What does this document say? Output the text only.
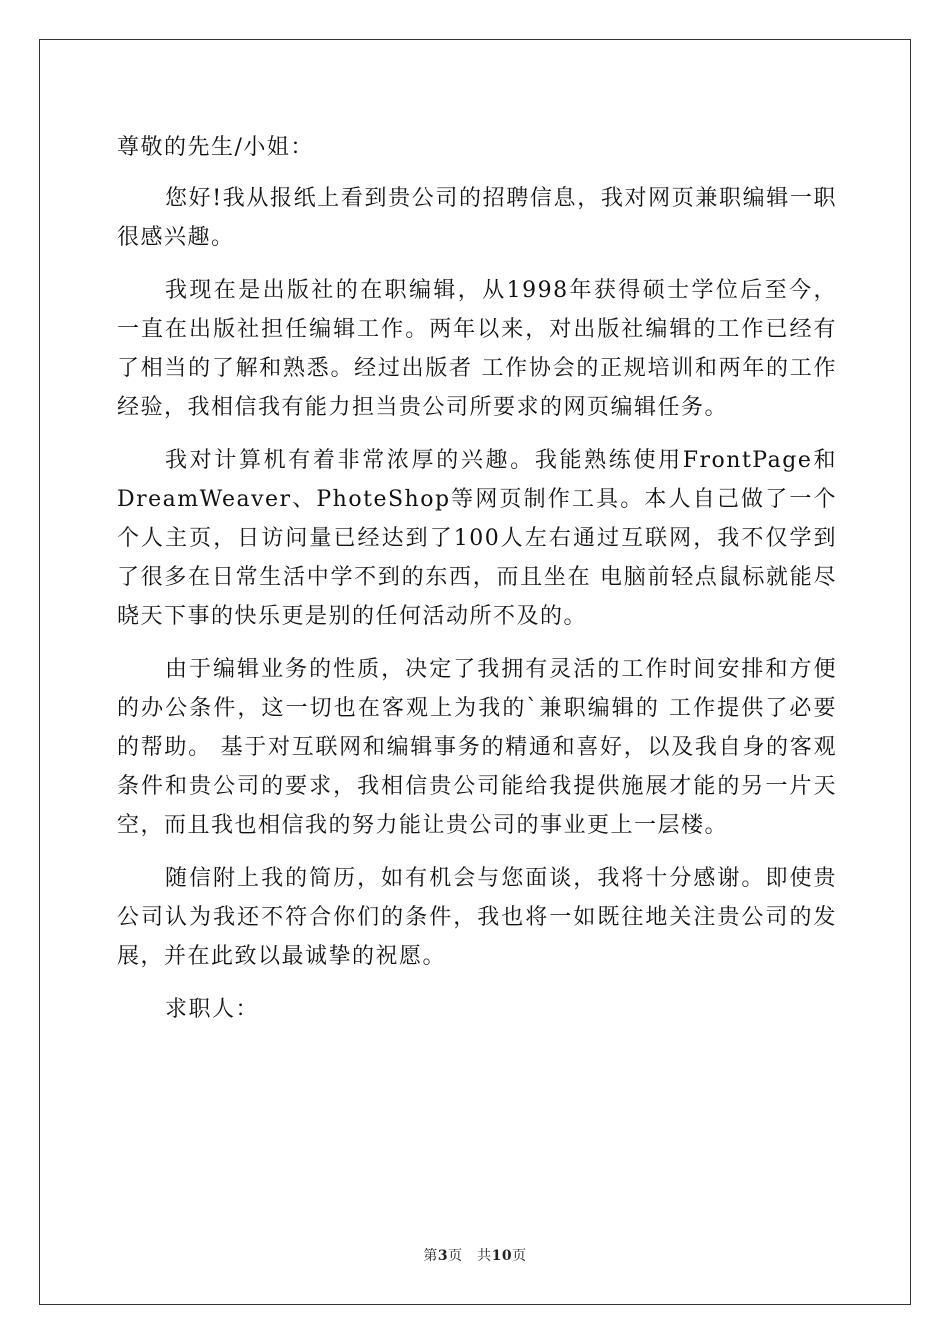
尊敬的先生/小姐：

您好!我从报纸上看到贵公司的招聘信息，我对网页兼职编辑一职很感兴趣。

我现在是出版社的在职编辑，从1998年获得硕士学位后至今，一直在出版社担任编辑工作。两年以来，对出版社编辑的工作已经有了相当的了解和熟悉。经过出版者 工作协会的正规培训和两年的工作经验，我相信我有能力担当贵公司所要求的网页编辑任务。

我对计算机有着非常浓厚的兴趣。我能熟练使用FrontPage和DreamWeaver、PhoteShop等网页制作工具。本人自己做了一个个人主页，日访问量已经达到了100人左右通过互联网，我不仅学到了很多在日常生活中学不到的东西，而且坐在 电脑前轻点鼠标就能尽晓天下事的快乐更是别的任何活动所不及的。

由于编辑业务的性质，决定了我拥有灵活的工作时间安排和方便的办公条件，这一切也在客观上为我的`兼职编辑的 工作提供了必要的帮助。 基于对互联网和编辑事务的精通和喜好，以及我自身的客观条件和贵公司的要求，我相信贵公司能给我提供施展才能的另一片天空，而且我也相信我的努力能让贵公司的事业更上一层楼。

随信附上我的简历，如有机会与您面谈，我将十分感谢。即使贵公司认为我还不符合你们的条件，我也将一如既往地关注贵公司的发展，并在此致以最诚挚的祝愿。

求职人：

第3页　共10页
